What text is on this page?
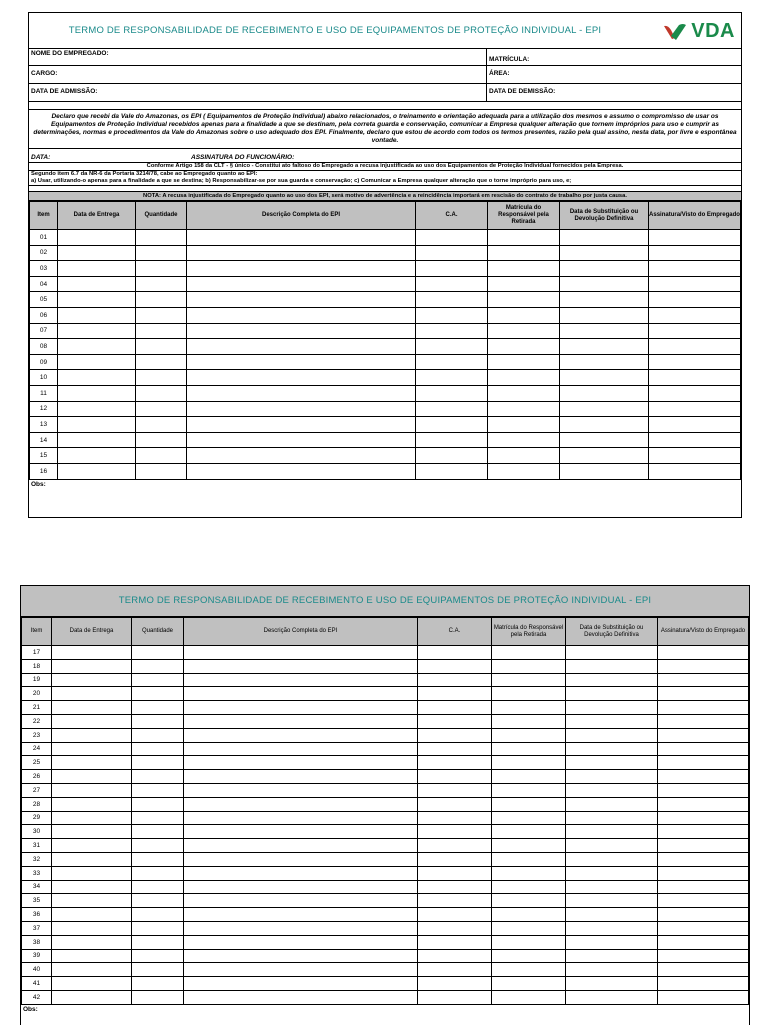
TERMO DE RESPONSABILIDADE DE RECEBIMENTO E USO DE EQUIPAMENTOS DE PROTEÇÃO INDIVIDUAL - EPI	VDA
NOME DO EMPREGADO:
MATRÍCULA:
CARGO:	ÁREA:
DATA DE ADMISSÃO:	DATA DE DEMISSÃO:
Declaro que recebi da Vale do Amazonas, os EPI ( Equipamentos de Proteção Individual) abaixo relacionados, o treinamento e orientação adequada para a utilização dos mesmos e assumo o compromisso de usar os Equipamentos de Proteção Individual recebidos apenas para a finalidade a que se destinam, pela correta guarda e conservação, comunicar a Empresa qualquer alteração que tornem impróprios para uso e cumprir as determinações, normas e procedimentos da Vale do Amazonas sobre o uso adequado dos EPI. Finalmente, declaro que estou de acordo com todos os termos presentes, razão pela qual assino, nesta data, por livre e espontânea vontade.
DATA:	ASSINATURA DO FUNCIONÁRIO:
Conforme Artigo 158 da CLT - § único - Constitui ato faltoso do Empregado a recusa injustificada ao uso dos Equipamentos de Proteção Individual fornecidos pela Empresa.
Segundo item 6.7 da NR-6 da Portaria 3214/78, cabe ao Empregado quanto ao EPI:
a) Usar, utilizando-o apenas para a finalidade a que se destina; b) Responsabilizar-se por sua guarda e conservação; c) Comunicar a Empresa qualquer alteração que o torne impróprio para uso, e;
NOTA: A recusa injustificada do Empregado quanto ao uso dos EPI, será motivo de advertência e a reincidência importará em rescisão do contrato de trabalho por justa causa.
Item	Data de Entrega	Quantidade	Descrição Completa do EPI	C.A.	Matrícula do Responsável pela Retirada	Data de Substituição ou Devolução Definitiva	Assinatura/Visto do Empregado
01							
02							
03							
04							
05							
06							
07							
08							
09							
10							
11							
12							
13							
14							
15							
16							
Obs:
TERMO DE RESPONSABILIDADE DE RECEBIMENTO E USO DE EQUIPAMENTOS DE PROTEÇÃO INDIVIDUAL - EPI
Item	Data de Entrega	Quantidade	Descrição Completa do EPI	C.A.	Matrícula do Responsável pela Retirada	Data de Substituição ou Devolução Definitiva	Assinatura/Visto do Empregado
17							
18							
19							
20							
21							
22							
23							
24							
25							
26							
27							
28							
29							
30							
31							
32							
33							
34							
35							
36							
37							
38							
39							
40							
41							
42							
Obs:
